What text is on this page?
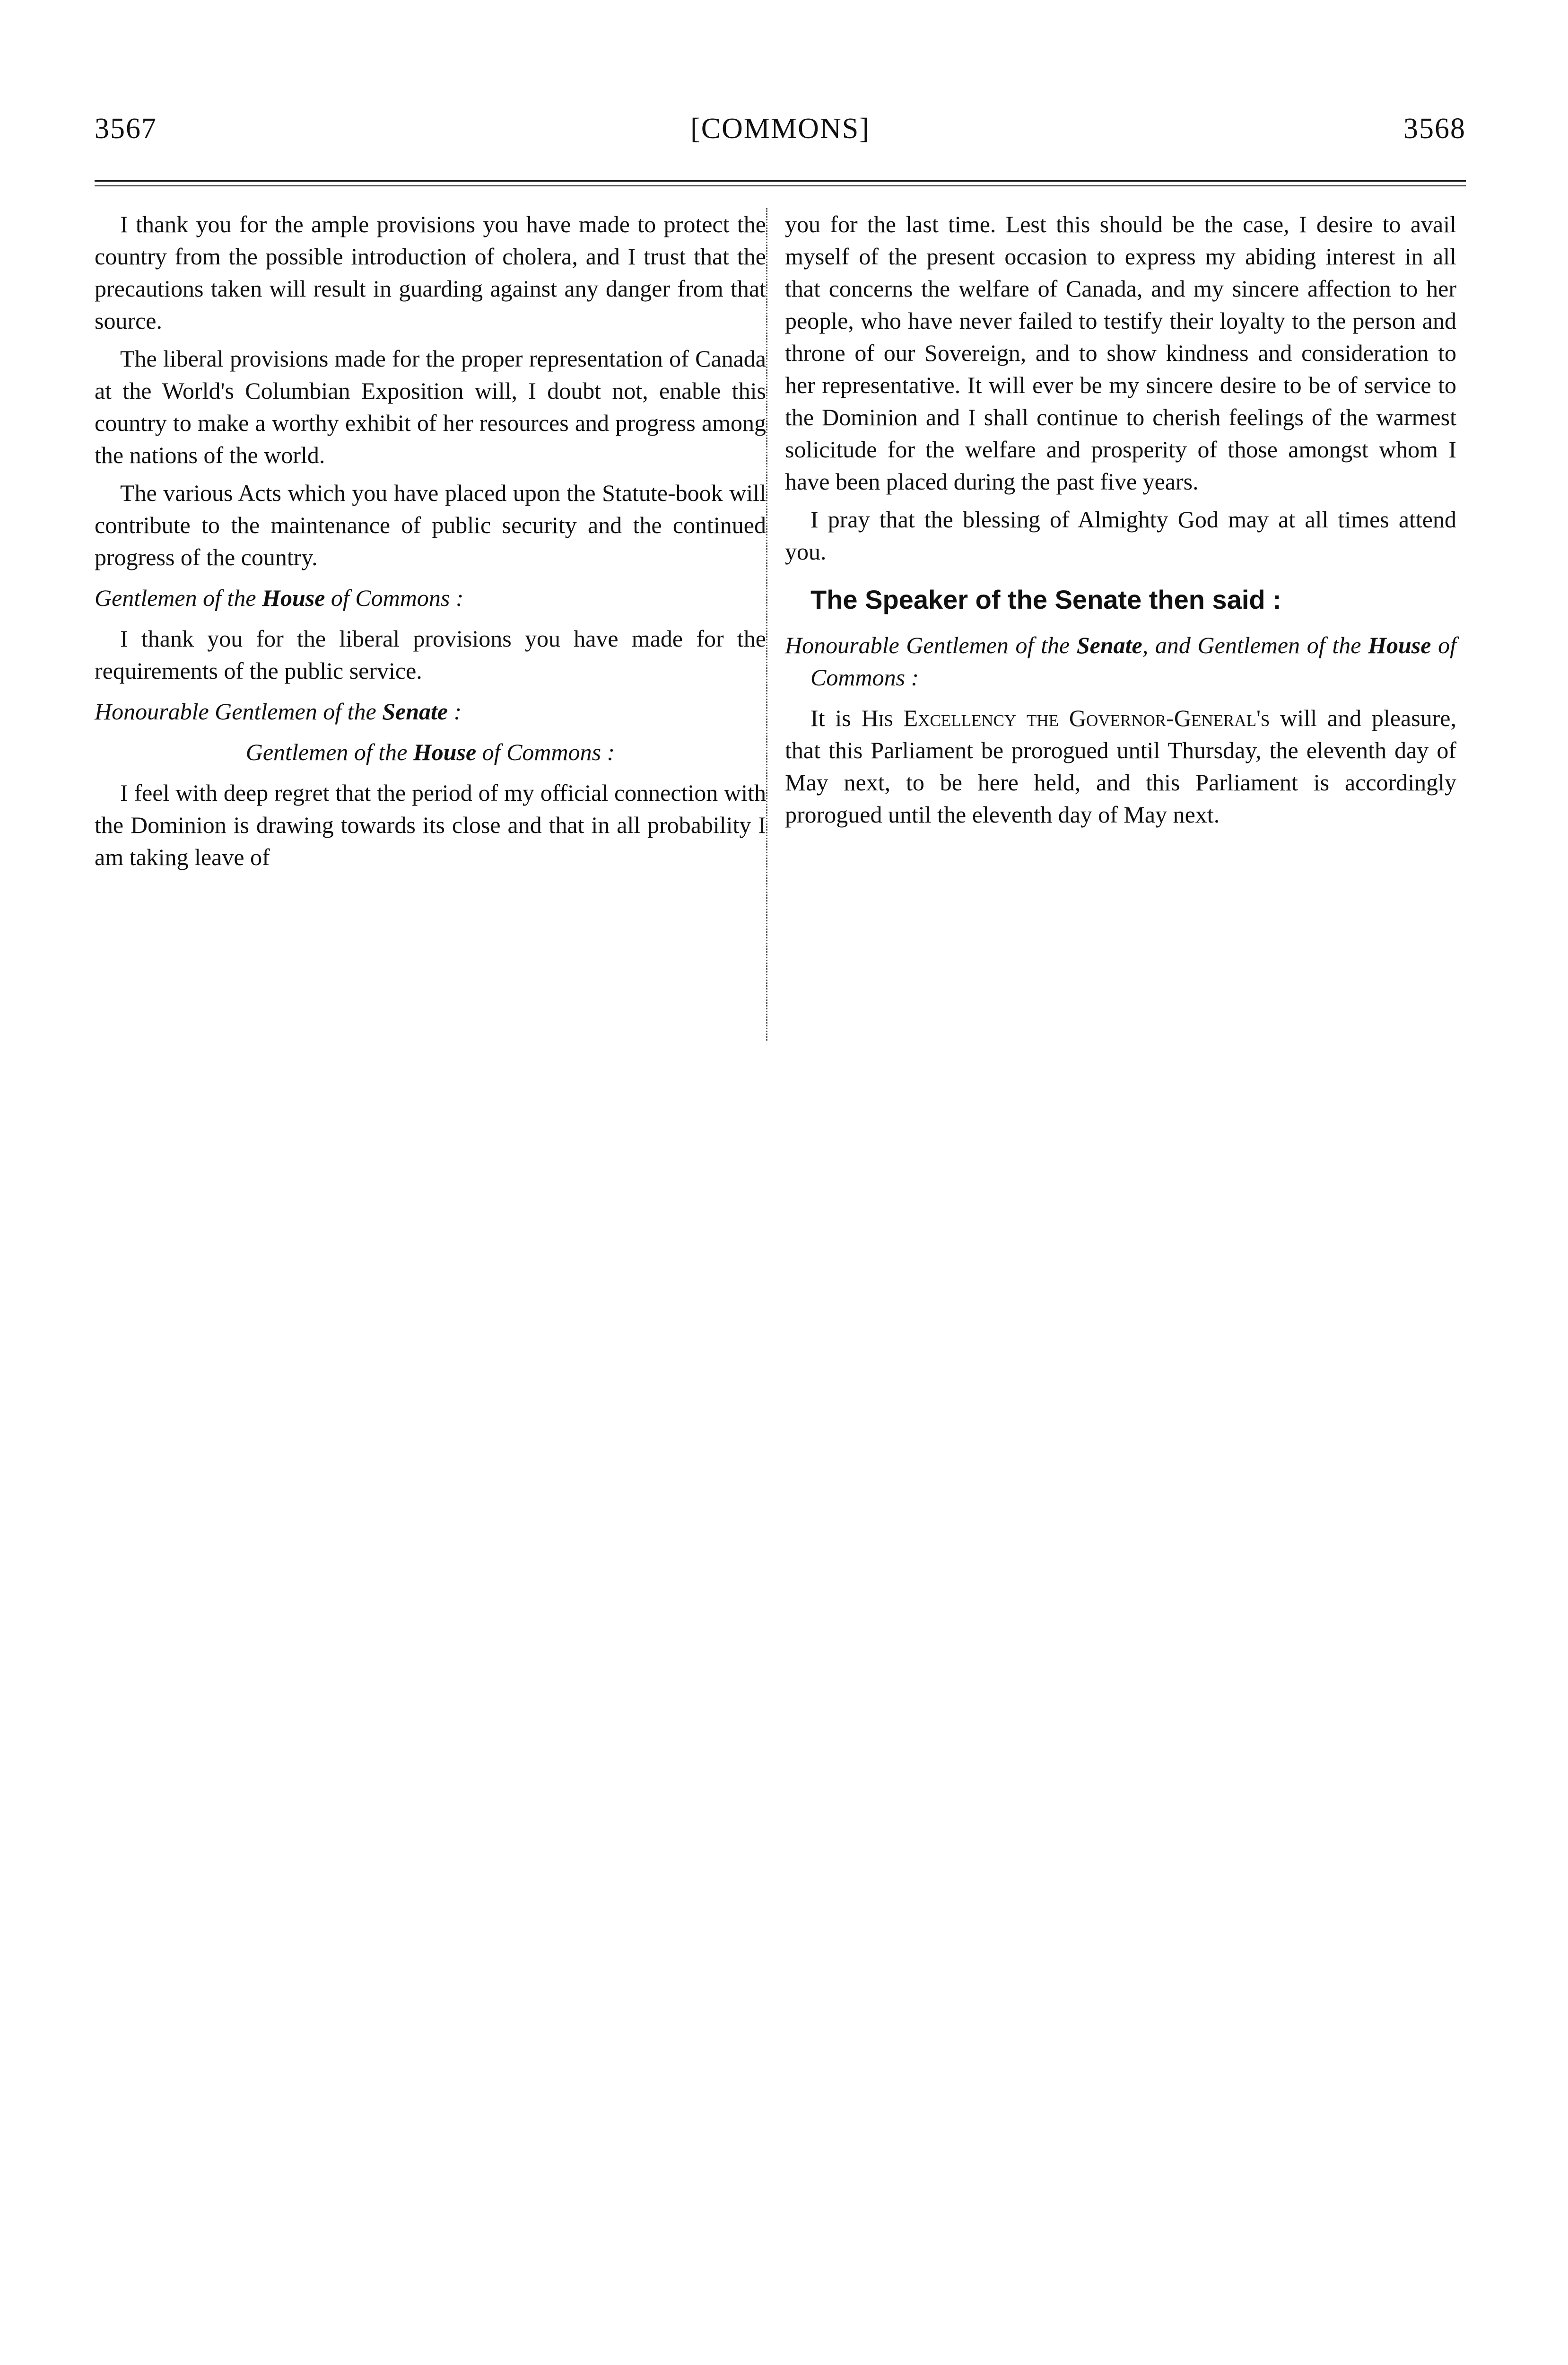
[COMMONS]
3567	3568

I thank you for the ample provisions you have made to protect the country from the possible introduction of cholera, and I trust that the precautions taken will result in guarding against any danger from that source.

The liberal provisions made for the proper representation of Canada at the World's Columbian Exposition will, I doubt not, enable this country to make a worthy exhibit of her resources and progress among the nations of the world.

The various Acts which you have placed upon the Statute-book will contribute to the maintenance of public security and the continued progress of the country.

Gentlemen of the House of Commons :

I thank you for the liberal provisions you have made for the requirements of the public service.

Honourable Gentlemen of the Senate :
Gentlemen of the House of Commons :

I feel with deep regret that the period of my official connection with the Dominion is drawing towards its close and that in all probability I am taking leave of

you for the last time. Lest this should be the case, I desire to avail myself of the present occasion to express my abiding interest in all that concerns the welfare of Canada, and my sincere affection to her people, who have never failed to testify their loyalty to the person and throne of our Sovereign, and to show kindness and consideration to her representative. It will ever be my sincere desire to be of service to the Dominion and I shall continue to cherish feelings of the warmest solicitude for the welfare and prosperity of those amongst whom I have been placed during the past five years.

I pray that the blessing of Almighty God may at all times attend you.

The Speaker of the Senate then said :
Honourable Gentlemen of the Senate, and Gentlemen of the House of Commons :

It is His Excellency the Governor-General's will and pleasure, that this Parliament be prorogued until Thursday, the eleventh day of May next, to be here held, and this Parliament is accordingly prorogued until the eleventh day of May next.
